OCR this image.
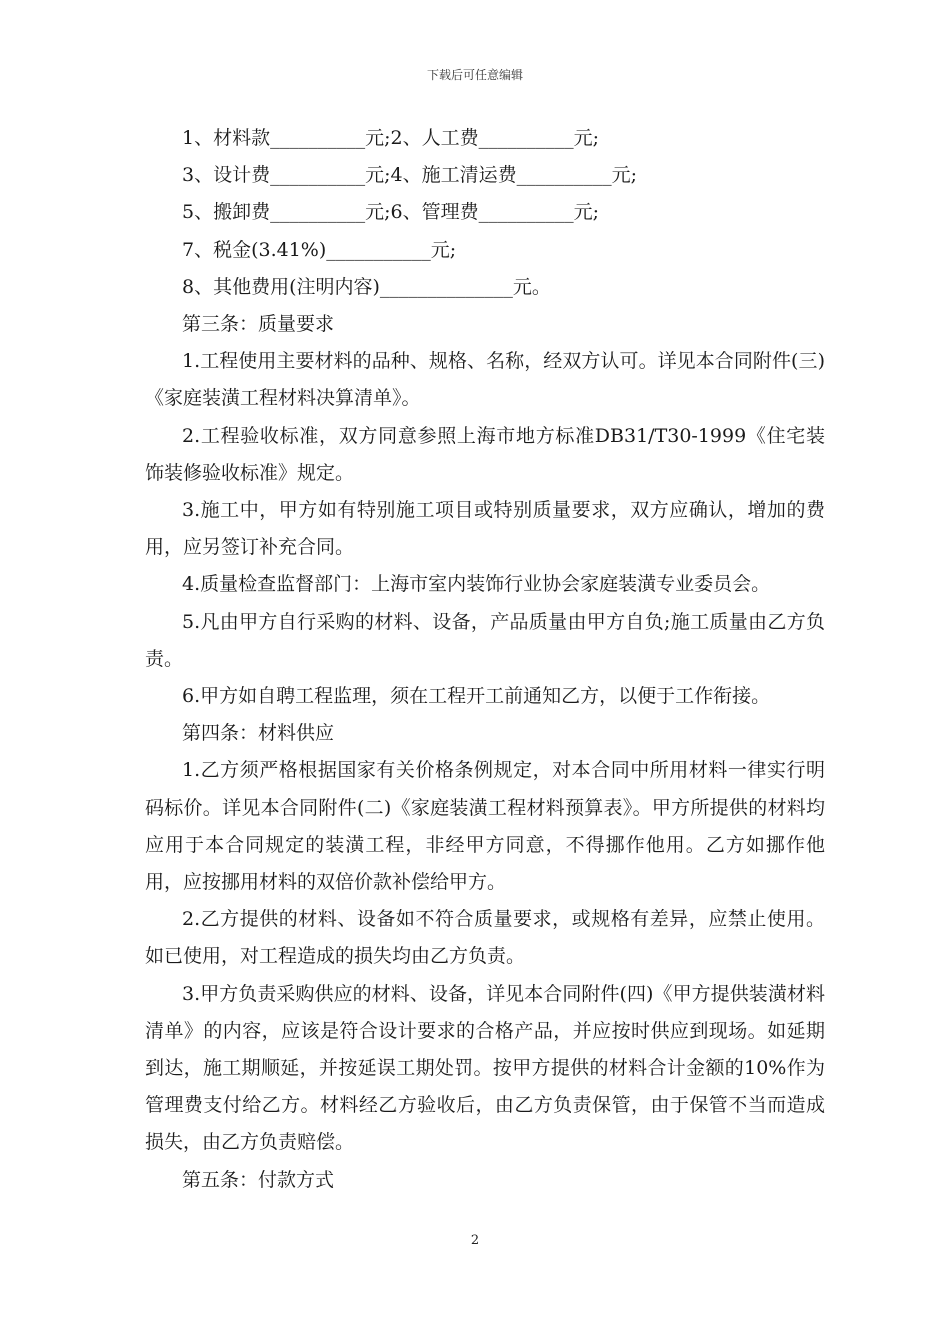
下载后可任意编辑

1、材料款__________元;2、人工费__________元;

3、设计费__________元;4、施工清运费__________元;

5、搬卸费__________元;6、管理费__________元;

7、税金(3.41%)___________元;

8、其他费用(注明内容)______________元。

第三条：质量要求

1.工程使用主要材料的品种、规格、名称，经双方认可。详见本合同附件(三)《家庭装潢工程材料决算清单》。

2.工程验收标准，双方同意参照上海市地方标准DB31/T30-1999《住宅装饰装修验收标准》规定。

3.施工中，甲方如有特别施工项目或特别质量要求，双方应确认，增加的费用，应另签订补充合同。

4.质量检查监督部门：上海市室内装饰行业协会家庭装潢专业委员会。

5.凡由甲方自行采购的材料、设备，产品质量由甲方自负;施工质量由乙方负责。

6.甲方如自聘工程监理，须在工程开工前通知乙方，以便于工作衔接。

第四条：材料供应

1.乙方须严格根据国家有关价格条例规定，对本合同中所用材料一律实行明码标价。详见本合同附件(二)《家庭装潢工程材料预算表》。甲方所提供的材料均应用于本合同规定的装潢工程，非经甲方同意，不得挪作他用。乙方如挪作他用，应按挪用材料的双倍价款补偿给甲方。

2.乙方提供的材料、设备如不符合质量要求，或规格有差异，应禁止使用。如已使用，对工程造成的损失均由乙方负责。

3.甲方负责采购供应的材料、设备，详见本合同附件(四)《甲方提供装潢材料清单》的内容，应该是符合设计要求的合格产品，并应按时供应到现场。如延期到达，施工期顺延，并按延误工期处罚。按甲方提供的材料合计金额的10%作为管理费支付给乙方。材料经乙方验收后，由乙方负责保管，由于保管不当而造成损失，由乙方负责赔偿。

第五条：付款方式

2
